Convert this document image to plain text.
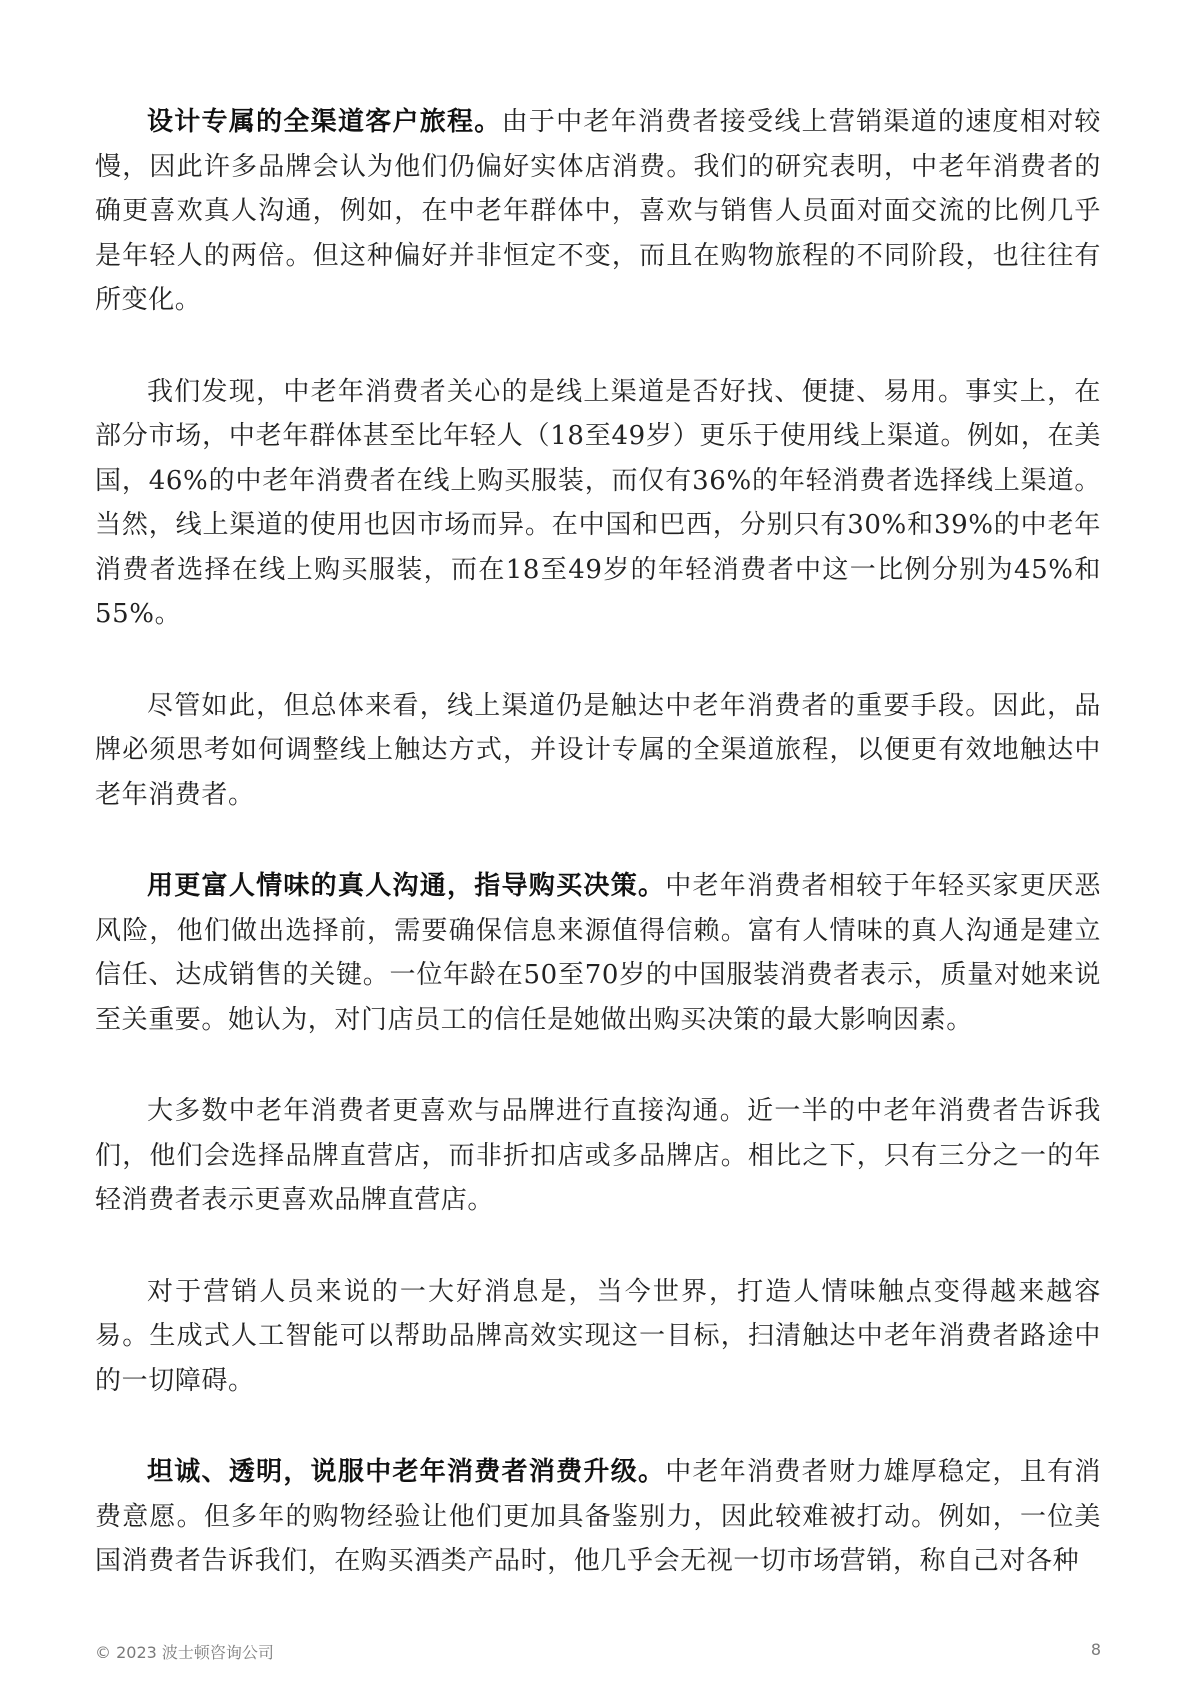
设计专属的全渠道客户旅程。由于中老年消费者接受线上营销渠道的速度相对较慢，因此许多品牌会认为他们仍偏好实体店消费。我们的研究表明，中老年消费者的确更喜欢真人沟通，例如，在中老年群体中，喜欢与销售人员面对面交流的比例几乎是年轻人的两倍。但这种偏好并非恒定不变，而且在购物旅程的不同阶段，也往往有所变化。

我们发现，中老年消费者关心的是线上渠道是否好找、便捷、易用。事实上，在部分市场，中老年群体甚至比年轻人（18至49岁）更乐于使用线上渠道。例如，在美国，46%的中老年消费者在线上购买服装，而仅有36%的年轻消费者选择线上渠道。当然，线上渠道的使用也因市场而异。在中国和巴西，分别只有30%和39%的中老年消费者选择在线上购买服装，而在18至49岁的年轻消费者中这一比例分别为45%和55%。

尽管如此，但总体来看，线上渠道仍是触达中老年消费者的重要手段。因此，品牌必须思考如何调整线上触达方式，并设计专属的全渠道旅程，以便更有效地触达中老年消费者。

用更富人情味的真人沟通，指导购买决策。中老年消费者相较于年轻买家更厌恶风险，他们做出选择前，需要确保信息来源值得信赖。富有人情味的真人沟通是建立信任、达成销售的关键。一位年龄在50至70岁的中国服装消费者表示，质量对她来说至关重要。她认为，对门店员工的信任是她做出购买决策的最大影响因素。

大多数中老年消费者更喜欢与品牌进行直接沟通。近一半的中老年消费者告诉我们，他们会选择品牌直营店，而非折扣店或多品牌店。相比之下，只有三分之一的年轻消费者表示更喜欢品牌直营店。

对于营销人员来说的一大好消息是，当今世界，打造人情味触点变得越来越容易。生成式人工智能可以帮助品牌高效实现这一目标，扫清触达中老年消费者路途中的一切障碍。

坦诚、透明，说服中老年消费者消费升级。中老年消费者财力雄厚稳定，且有消费意愿。但多年的购物经验让他们更加具备鉴别力，因此较难被打动。例如，一位美国消费者告诉我们，在购买酒类产品时，他几乎会无视一切市场营销，称自己对各种

© 2023 波士顿咨询公司	8
